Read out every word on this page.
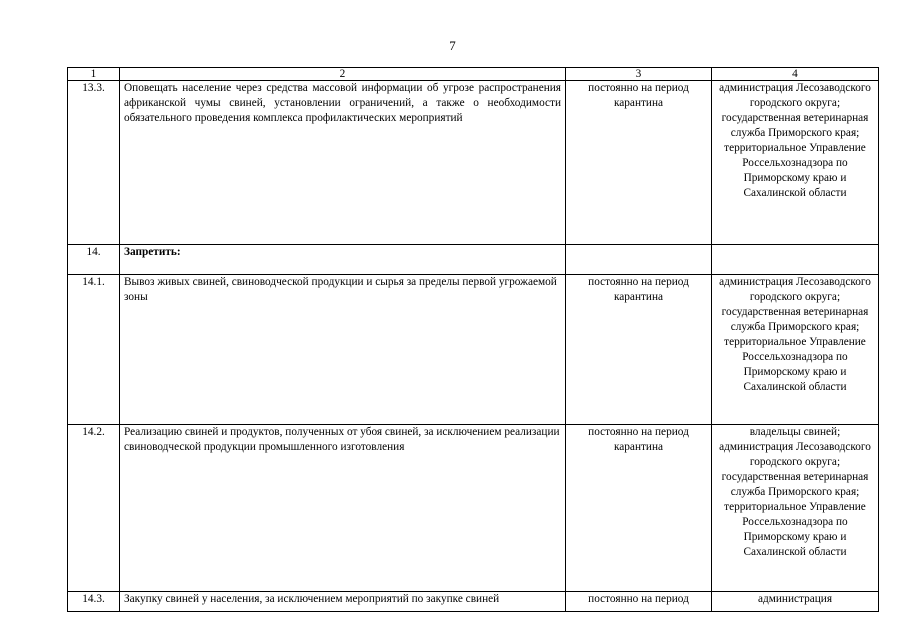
7
1	2	3	4
13.3.	Оповещать население через средства массовой информации об угрозе распространения африканской чумы свиней, установлении ограничений, а также о необходимости обязательного проведения комплекса профилактических мероприятий	постоянно на период карантина	администрация Лесозаводского городского округа; государственная ветеринарная служба Приморского края; территориальное Управление Россельхознадзора по Приморскому краю и Сахалинской области
14.	Запретить:		
14.1.	Вывоз живых свиней, свиноводческой продукции и сырья за пределы первой угрожаемой зоны	постоянно на период карантина	администрация Лесозаводского городского округа; государственная ветеринарная служба Приморского края; территориальное Управление Россельхознадзора по Приморскому краю и Сахалинской области
14.2.	Реализацию свиней и продуктов, полученных от убоя свиней, за исключением реализации свиноводческой продукции промышленного изготовления	постоянно на период карантина	владельцы свиней; администрация Лесозаводского городского округа; государственная ветеринарная служба Приморского края; территориальное Управление Россельхознадзора по Приморскому краю и Сахалинской области
14.3.	Закупку свиней у населения, за исключением мероприятий по закупке свиней	постоянно на период	администрация
